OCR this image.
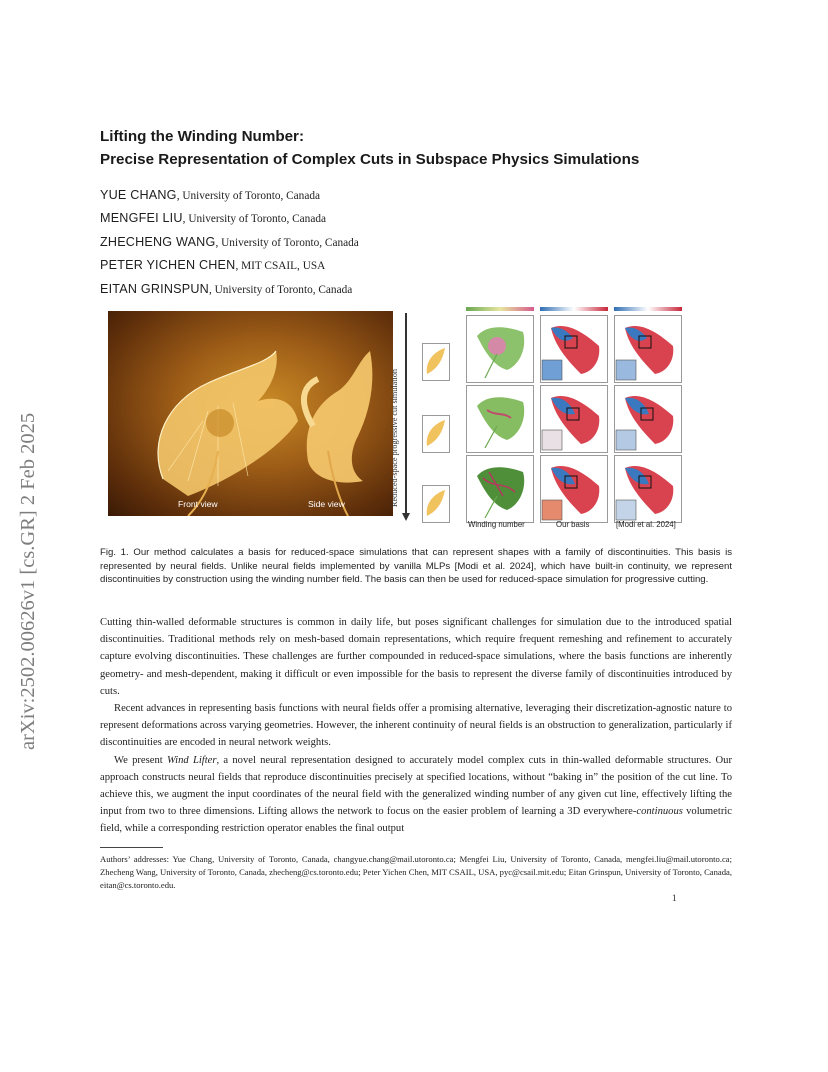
arXiv:2502.00626v1 [cs.GR] 2 Feb 2025
Lifting the Winding Number:
Precise Representation of Complex Cuts in Subspace Physics Simulations
YUE CHANG, University of Toronto, Canada
MENGFEI LIU, University of Toronto, Canada
ZHECHENG WANG, University of Toronto, Canada
PETER YICHEN CHEN, MIT CSAIL, USA
EITAN GRINSPUN, University of Toronto, Canada
Front view	Side view	Reduced-space progressive cut simulation
Winding number	Our basis	[Modi et al. 2024]
Fig. 1. Our method calculates a basis for reduced-space simulations that can represent shapes with a family of discontinuities. This basis is represented by neural fields. Unlike neural fields implemented by vanilla MLPs [Modi et al. 2024], which have built-in continuity, we represent discontinuities by construction using the winding number field. The basis can then be used for reduced-space simulation for progressive cutting.

Cutting thin-walled deformable structures is common in daily life, but poses significant challenges for simulation due to the introduced spatial discontinuities. Traditional methods rely on mesh-based domain representations, which require frequent remeshing and refinement to accurately capture evolving discontinuities. These challenges are further compounded in reduced-space simulations, where the basis functions are inherently geometry- and mesh-dependent, making it difficult or even impossible for the basis to represent the diverse family of discontinuities introduced by cuts.

Recent advances in representing basis functions with neural fields offer a promising alternative, leveraging their discretization-agnostic nature to represent deformations across varying geometries. However, the inherent continuity of neural fields is an obstruction to generalization, particularly if discontinuities are encoded in neural network weights.

We present Wind Lifter, a novel neural representation designed to accurately model complex cuts in thin-walled deformable structures. Our approach constructs neural fields that reproduce discontinuities precisely at specified locations, without “baking in” the position of the cut line. To achieve this, we augment the input coordinates of the neural field with the generalized winding number of any given cut line, effectively lifting the input from two to three dimensions. Lifting allows the network to focus on the easier problem of learning a 3D everywhere-continuous volumetric field, while a corresponding restriction operator enables the final output

Authors’ addresses: Yue Chang, University of Toronto, Canada, changyue.chang@mail.utoronto.ca; Mengfei Liu, University of Toronto, Canada, mengfei.liu@mail.utoronto.ca; Zhecheng Wang, University of Toronto, Canada, zhecheng@cs.toronto.edu; Peter Yichen Chen, MIT CSAIL, USA, pyc@csail.mit.edu; Eitan Grinspun, University of Toronto, Canada, eitan@cs.toronto.edu.
1
